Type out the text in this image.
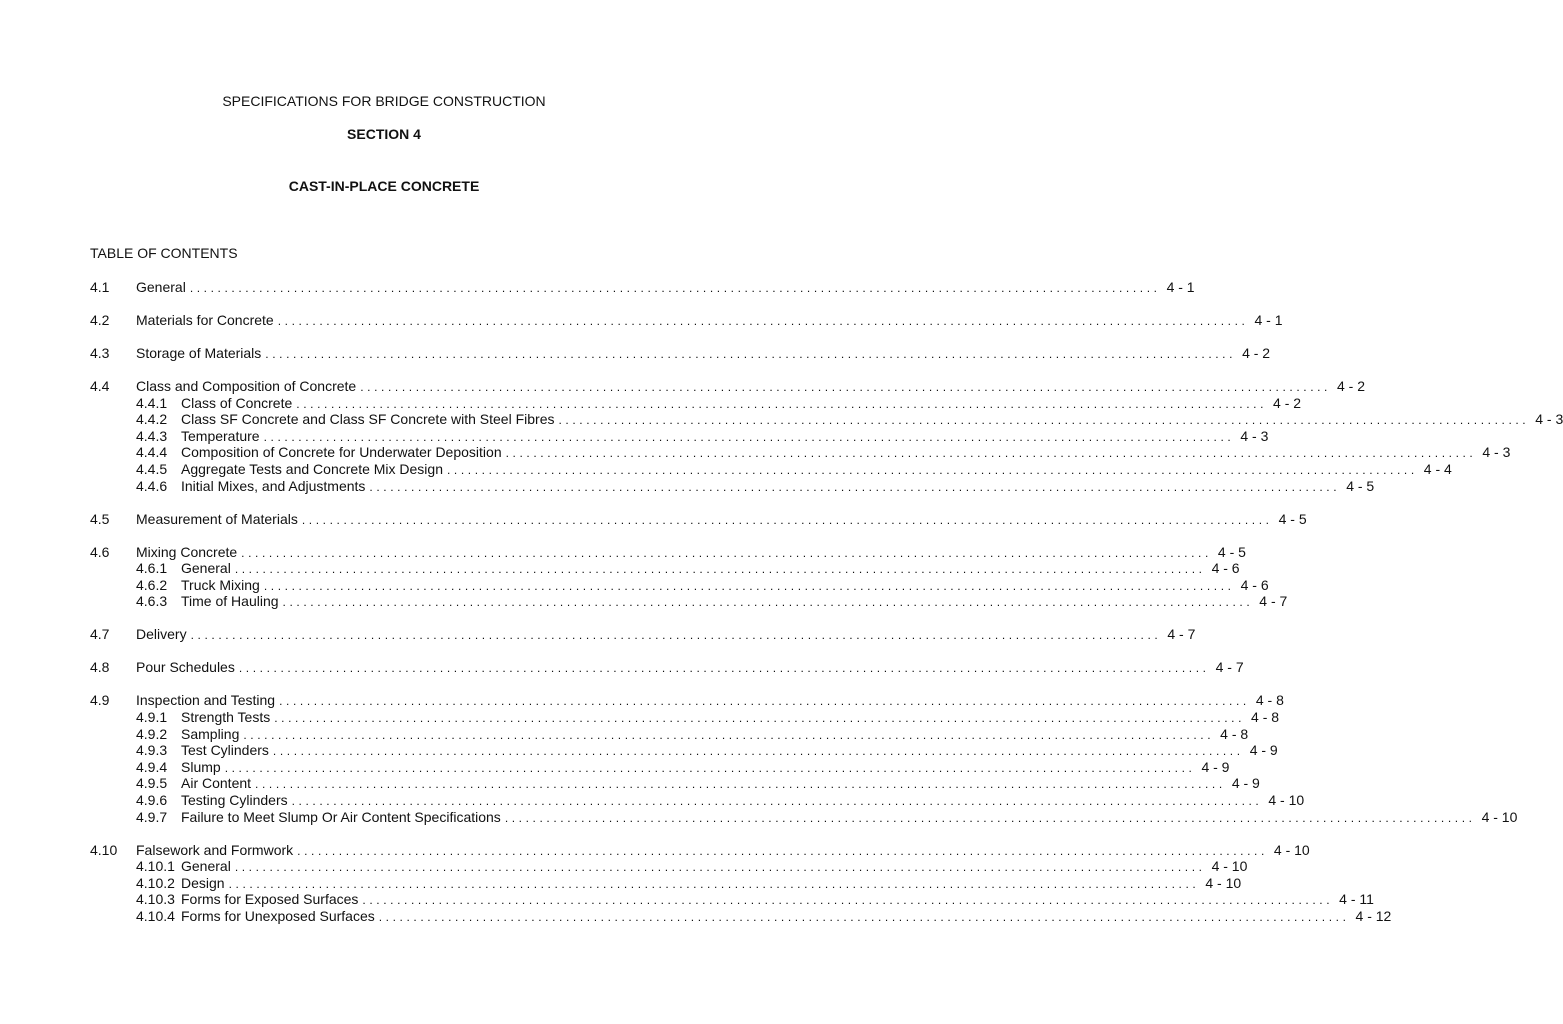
SPECIFICATIONS FOR BRIDGE CONSTRUCTION
SECTION 4
CAST-IN-PLACE CONCRETE
TABLE OF CONTENTS
4.1 General ............................................................................................................................................ 4 - 1
4.2 Materials for Concrete ............................................................................................................................................ 4 - 1
4.3 Storage of Materials ............................................................................................................................................ 4 - 2
4.4 Class and Composition of Concrete ............................................................................................................................................ 4 - 2
4.4.1 Class of Concrete ............................................................................................................................................ 4 - 2
4.4.2 Class SF Concrete and Class SF Concrete with Steel Fibres ............................................................................................................................................ 4 - 3
4.4.3 Temperature ............................................................................................................................................ 4 - 3
4.4.4 Composition of Concrete for Underwater Deposition ............................................................................................................................................ 4 - 3
4.4.5 Aggregate Tests and Concrete Mix Design ............................................................................................................................................ 4 - 4
4.4.6 Initial Mixes, and Adjustments ............................................................................................................................................ 4 - 5
4.5 Measurement of Materials ............................................................................................................................................ 4 - 5
4.6 Mixing Concrete ............................................................................................................................................ 4 - 5
4.6.1 General ............................................................................................................................................ 4 - 6
4.6.2 Truck Mixing ............................................................................................................................................ 4 - 6
4.6.3 Time of Hauling ............................................................................................................................................ 4 - 7
4.7 Delivery ............................................................................................................................................ 4 - 7
4.8 Pour Schedules ............................................................................................................................................ 4 - 7
4.9 Inspection and Testing ............................................................................................................................................ 4 - 8
4.9.1 Strength Tests ............................................................................................................................................ 4 - 8
4.9.2 Sampling ............................................................................................................................................ 4 - 8
4.9.3 Test Cylinders ............................................................................................................................................ 4 - 9
4.9.4 Slump ............................................................................................................................................ 4 - 9
4.9.5 Air Content ............................................................................................................................................ 4 - 9
4.9.6 Testing Cylinders ............................................................................................................................................ 4 - 10
4.9.7 Failure to Meet Slump Or Air Content Specifications ............................................................................................................................................ 4 - 10
4.10 Falsework and Formwork ............................................................................................................................................ 4 - 10
4.10.1 General ............................................................................................................................................ 4 - 10
4.10.2 Design ............................................................................................................................................ 4 - 10
4.10.3 Forms for Exposed Surfaces ............................................................................................................................................ 4 - 11
4.10.4 Forms for Unexposed Surfaces ............................................................................................................................................ 4 - 12
